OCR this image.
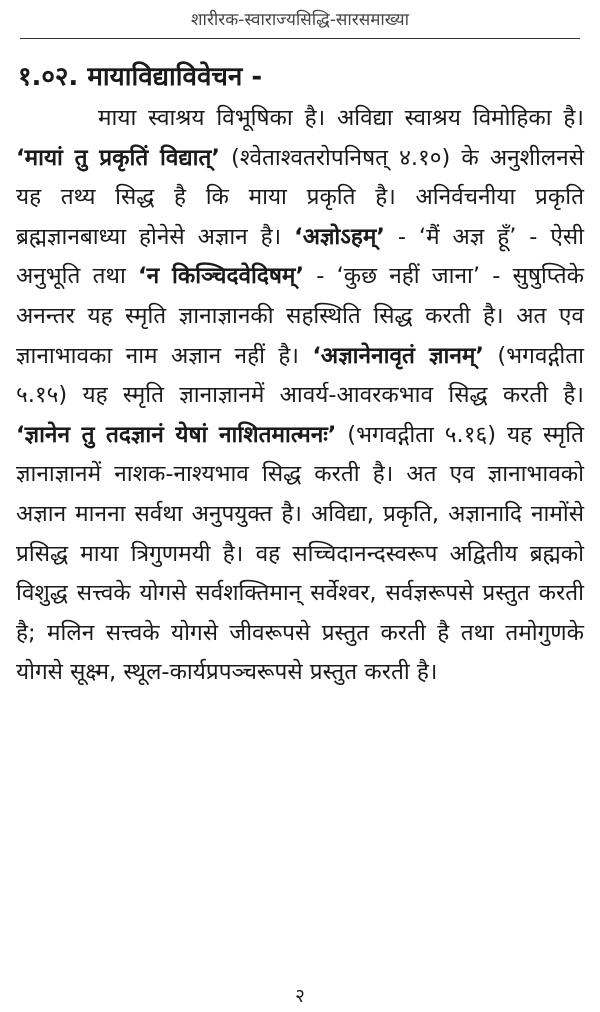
शारीरक-स्वाराज्यसिद्धि-सारसमाख्या
१.०२. मायाविद्याविवेचन -
माया स्वाश्रय विभूषिका है। अविद्या स्वाश्रय विमोहिका है। ‘मायां तु प्रकृतिं विद्यात्’ (श्वेताश्वतरोपनिषत् ४.१०) के अनुशीलनसे यह तथ्य सिद्ध है कि माया प्रकृति है। अनिर्वचनीया प्रकृति ब्रह्मज्ञानबाध्या होनेसे अज्ञान है। ‘अज्ञोऽहम्’ - ‘मैं अज्ञ हूँ’ - ऐसी अनुभूति तथा ‘न किञ्चिदवेदिषम्’ - ‘कुछ नहीं जाना’ - सुषुप्तिके अनन्तर यह स्मृति ज्ञानाज्ञानकी सहस्थिति सिद्ध करती है। अत एव ज्ञानाभावका नाम अज्ञान नहीं है। ‘अज्ञानेनावृतं ज्ञानम्’ (भगवद्गीता ५.१५) यह स्मृति ज्ञानाज्ञानमें आवर्य-आवरकभाव सिद्ध करती है। ‘ज्ञानेन तु तदज्ञानं येषां नाशितमात्मनः’ (भगवद्गीता ५.१६) यह स्मृति ज्ञानाज्ञानमें नाशक-नाश्यभाव सिद्ध करती है। अत एव ज्ञानाभावको अज्ञान मानना सर्वथा अनुपयुक्त है। अविद्या, प्रकृति, अज्ञानादि नामोंसे प्रसिद्ध माया त्रिगुणमयी है। वह सच्चिदानन्दस्वरूप अद्वितीय ब्रह्मको विशुद्ध सत्त्वके योगसे सर्वशक्तिमान् सर्वेश्वर, सर्वज्ञरूपसे प्रस्तुत करती है; मलिन सत्त्वके योगसे जीवरूपसे प्रस्तुत करती है तथा तमोगुणके योगसे सूक्ष्म, स्थूल-कार्यप्रपञ्चरूपसे प्रस्तुत करती है।
२
